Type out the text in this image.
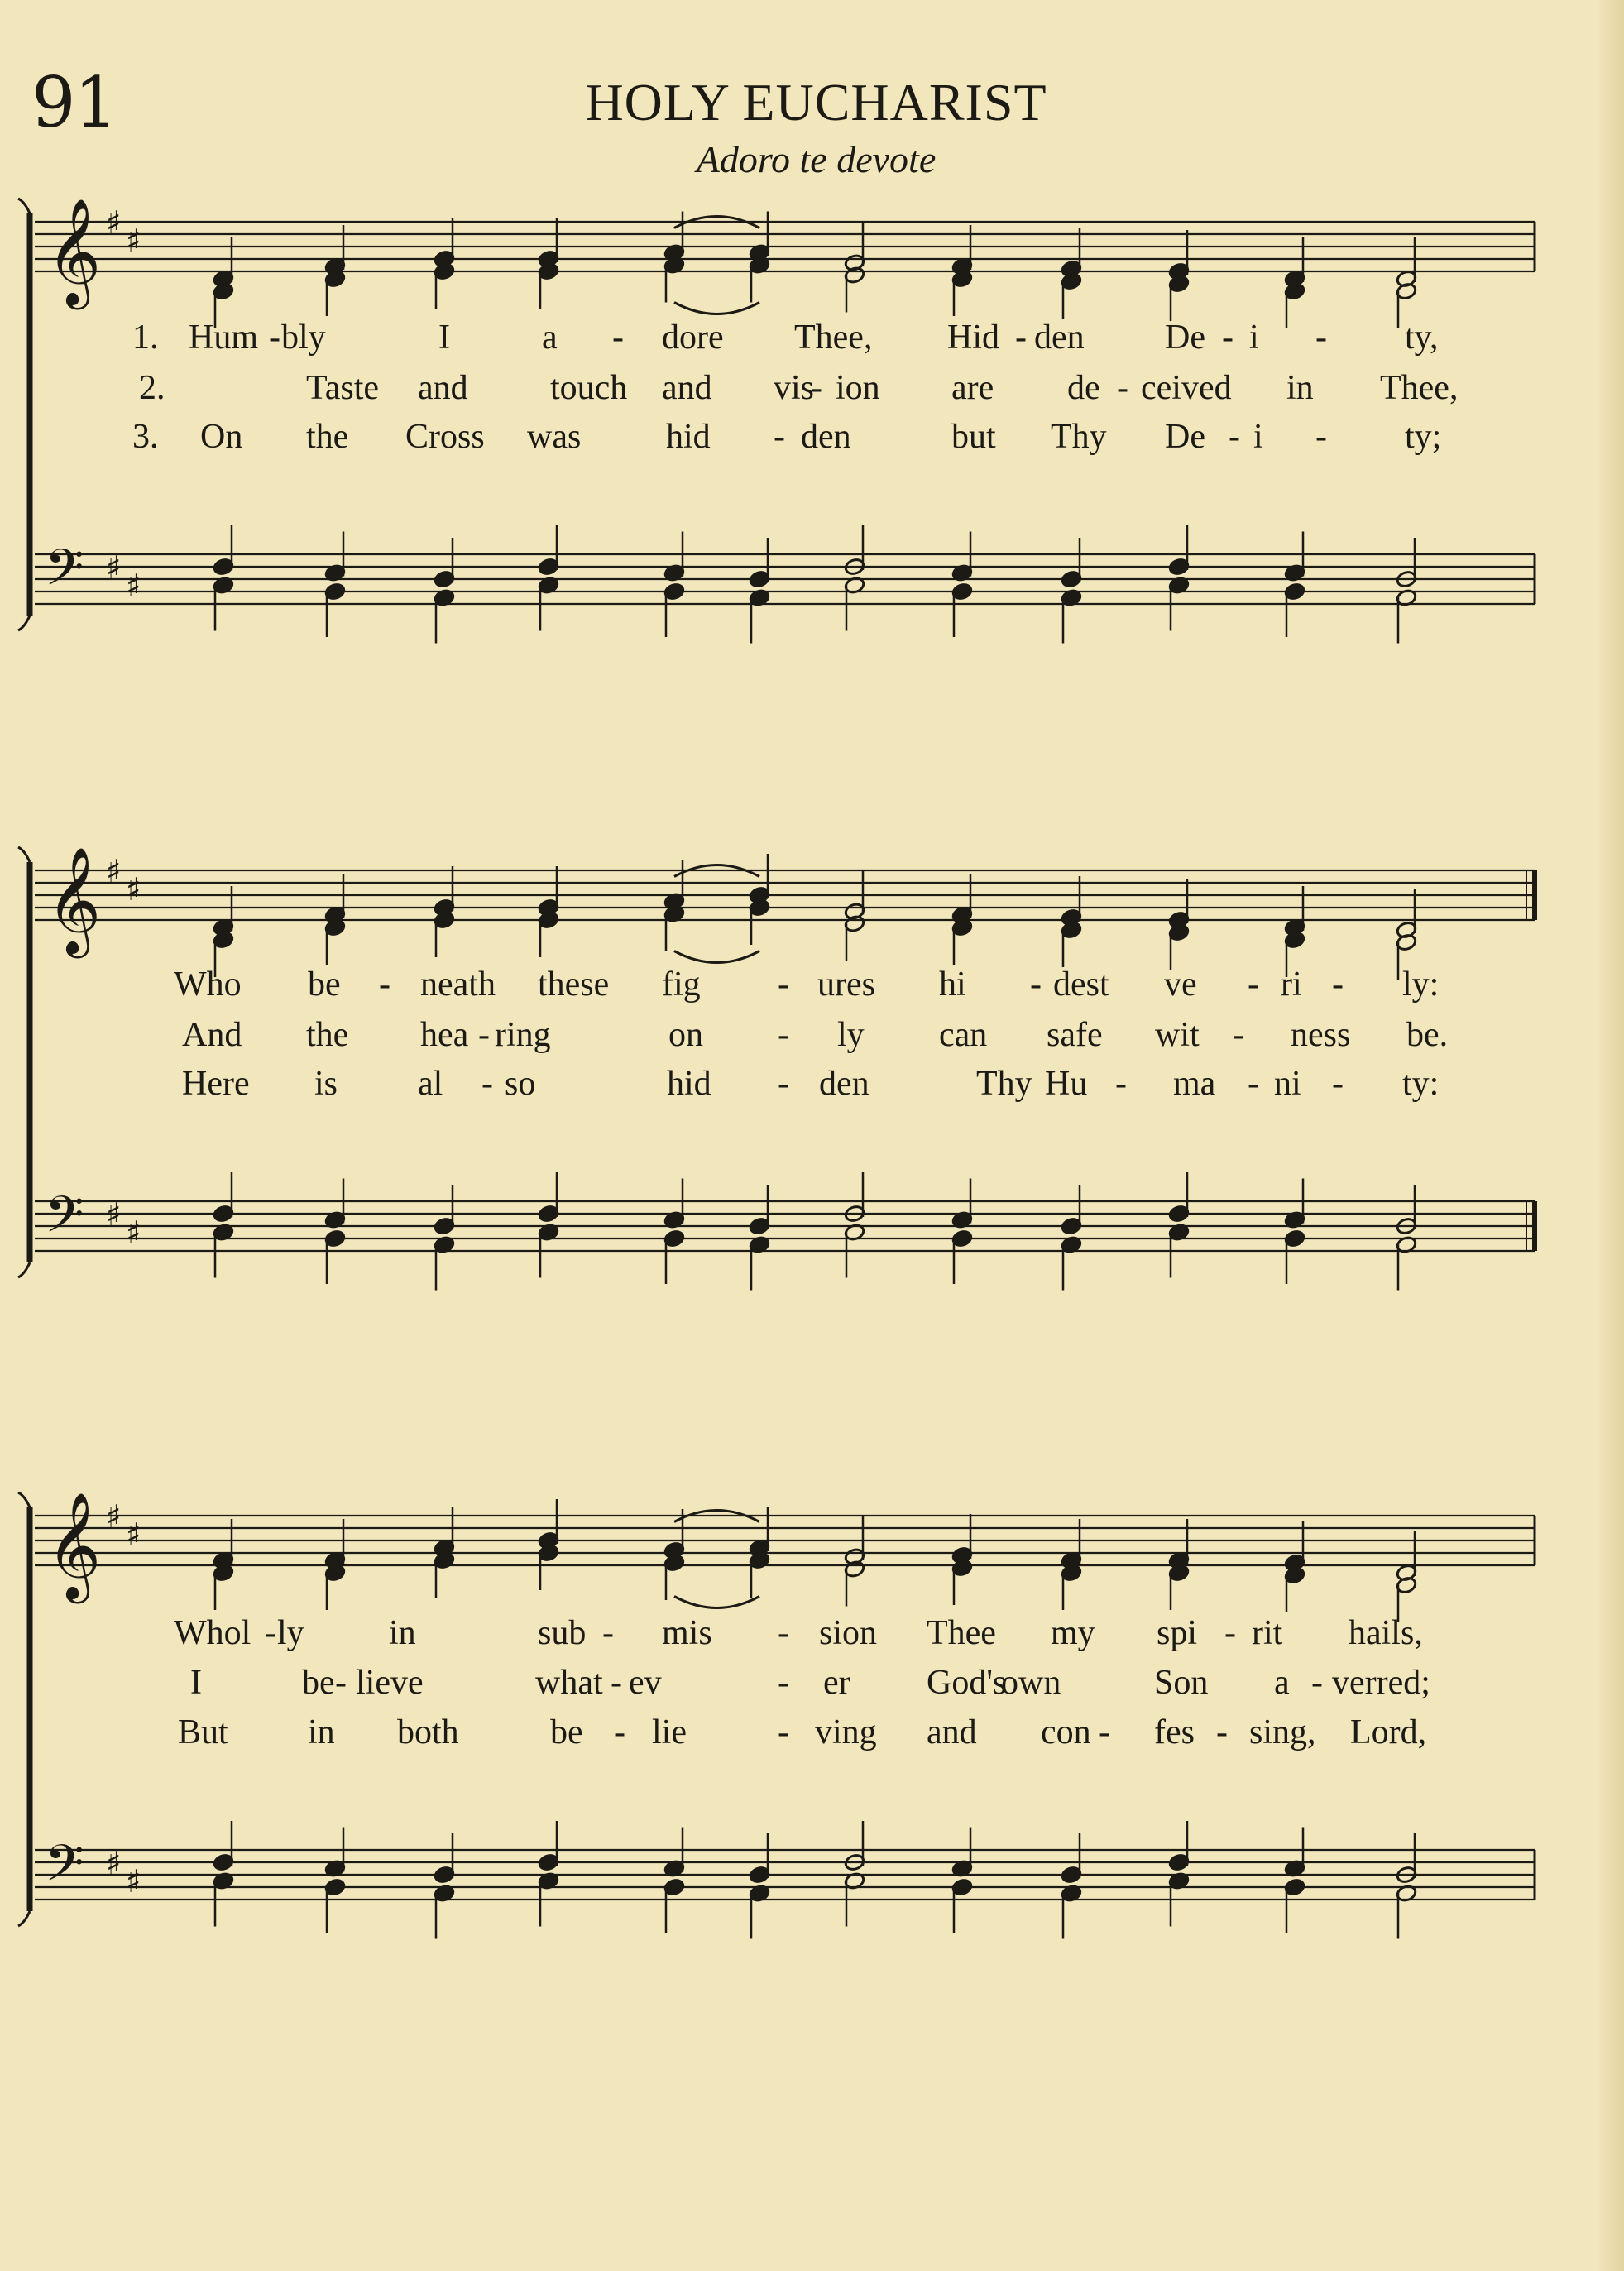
91	HOLY EUCHARIST
Adoro te devote
𝄞 ♯ ♯
𝄢 ♯ ♯
𝄞 ♯ ♯
𝄢 ♯ ♯
𝄞 ♯ ♯
𝄢 ♯ ♯
1. Hum - bly	I	a - dore Thee, Hid - den De - i - ty,
2.	Taste and touch and vis
- ion are de - ceived in Thee,
3. On the Cross was hid - den	but Thy De - i - ty;
Who be - neath these fig - ures hi - dest ve - ri - ly:
And the hea - ring	on - ly can safe wit - ness be.
Here is al - so	hid - den	Thy Hu - ma - ni - ty:
Whol - ly in	sub - mis - sion Thee my spi - rit hails,
I	be - lieve	what - ev	- er God's
own	Son a - verred;
But in both	be - lie	- ving and con - fes - sing, Lord,
